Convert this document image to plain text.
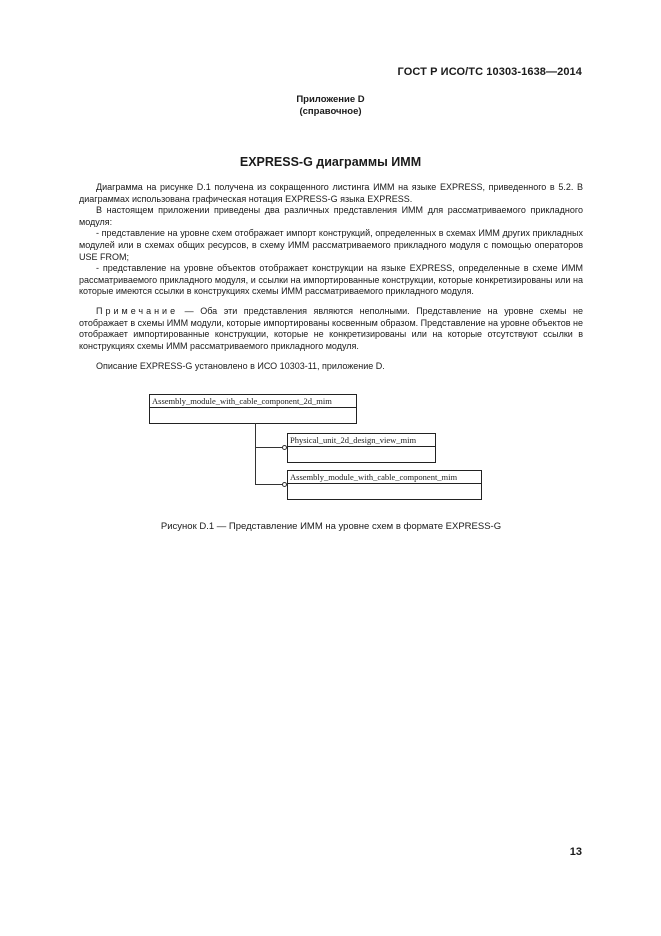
ГОСТ Р ИСО/ТС 10303-1638—2014
Приложение D
(справочное)
EXPRESS-G диаграммы ИММ

Диаграмма на рисунке D.1 получена из сокращенного листинга ИММ на языке EXPRESS, приведенного в 5.2. В диаграммах использована графическая нотация EXPRESS-G языка EXPRESS.

В настоящем приложении приведены два различных представления ИММ для рассматриваемого прикладного модуля:

- представление на уровне схем отображает импорт конструкций, определенных в схемах ИММ других прикладных модулей или в схемах общих ресурсов, в схему ИММ рассматриваемого прикладного модуля с помощью операторов USE FROM;

- представление на уровне объектов отображает конструкции на языке EXPRESS, определенные в схеме ИММ рассматриваемого прикладного модуля, и ссылки на импортированные конструкции, которые конкретизированы или на которые имеются ссылки в конструкциях схемы ИММ рассматриваемого прикладного модуля.

Примечание — Оба эти представления являются неполными. Представление на уровне схемы не отображает в схемы ИММ модули, которые импортированы косвенным образом. Представление на уровне объектов не отображает импортированные конструкции, которые не конкретизированы или на которые отсутствуют ссылки в конструкциях схемы ИММ рассматриваемого прикладного модуля.

Описание EXPRESS-G установлено в ИСО 10303-11, приложение D.

Assembly_module_with_cable_component_2d_mim
Physical_unit_2d_design_view_mim
Assembly_module_with_cable_component_mim
Рисунок D.1 — Представление ИММ на уровне схем в формате EXPRESS-G
13
